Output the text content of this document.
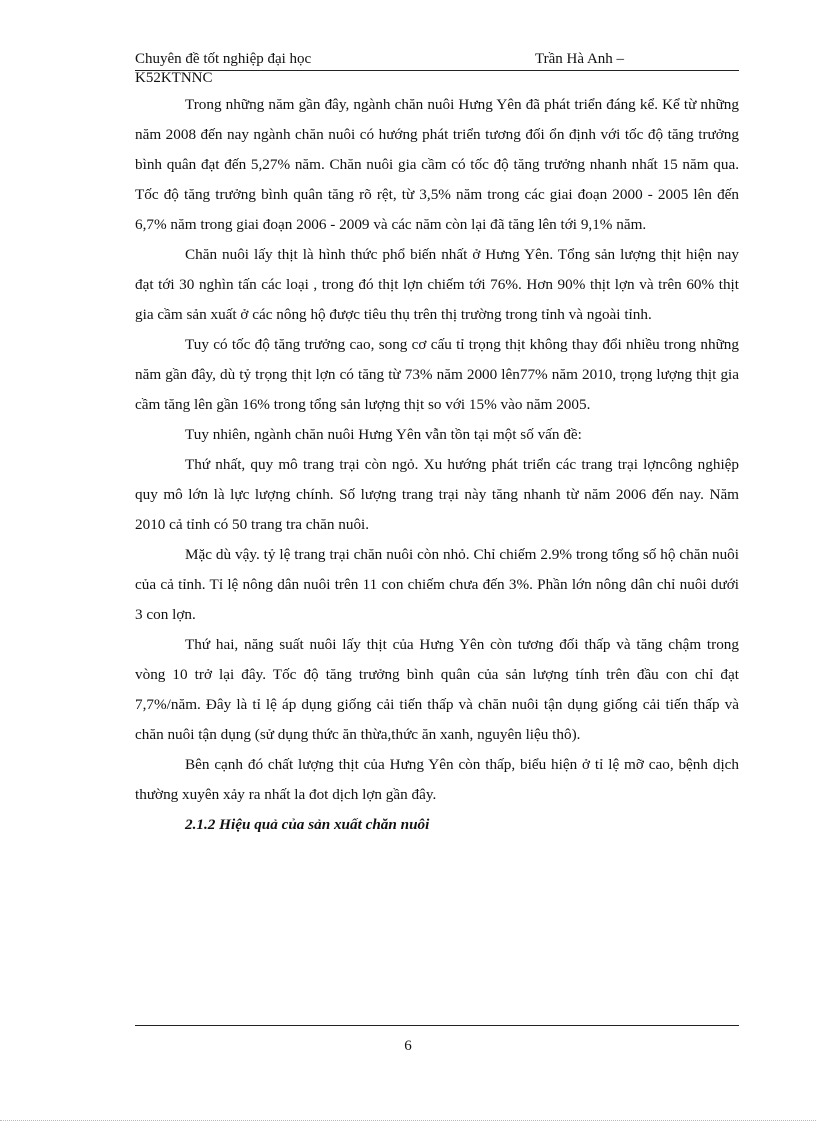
Chuyên đề tốt nghiệp đại học	Trần Hà Anh –
K52KTNNC

Trong những năm gần đây, ngành chăn nuôi Hưng Yên đã phát triển đáng kể. Kể từ những năm 2008 đến nay ngành chăn nuôi có hướng phát triển tương đối ổn định với tốc độ tăng trưởng bình quân đạt đến 5,27% năm. Chăn nuôi gia cầm có tốc độ tăng trưởng nhanh nhất 15 năm qua. Tốc độ tăng trưởng bình quân tăng rõ rệt, từ 3,5% năm trong các giai đoạn 2000 - 2005 lên đến 6,7% năm trong giai đoạn 2006 - 2009 và các năm còn lại đã tăng lên tới 9,1% năm.

Chăn nuôi lấy thịt là hình thức phổ biến nhất ở Hưng Yên. Tổng sản lượng thịt hiện nay đạt tới 30 nghìn tấn các loại , trong đó thịt lợn chiếm tới 76%. Hơn 90% thịt lợn và trên 60% thịt gia cầm sản xuất ở các nông hộ được tiêu thụ trên thị trường trong tỉnh và ngoài tỉnh.

Tuy có tốc độ tăng trưởng cao, song cơ cấu tỉ trọng thịt không thay đổi nhiều trong những năm gần đây, dù tỷ trọng thịt lợn có tăng từ 73% năm 2000 lên77% năm 2010, trọng lượng thịt gia cầm tăng lên gần 16% trong tổng sản lượng thịt so với 15% vào năm 2005.

Tuy nhiên, ngành chăn nuôi Hưng Yên vẫn tồn tại một số vấn đề:

Thứ nhất, quy mô trang trại còn ngỏ. Xu hướng phát triển các trang trại lợncông nghiệp quy mô lớn là lực lượng chính. Số lượng trang trại này tăng nhanh từ năm 2006 đến nay. Năm 2010 cả tỉnh có 50 trang tra chăn nuôi.

Mặc dù vậy. tỷ lệ trang trại chăn nuôi còn nhỏ. Chỉ chiếm 2.9% trong tổng số hộ chăn nuôi của cả tỉnh. Tỉ lệ nông dân nuôi trên 11 con chiếm chưa đến 3%. Phần lớn nông dân chỉ nuôi dưới 3 con lợn.

Thứ hai, năng suất nuôi lấy thịt của Hưng Yên còn tương đối thấp và tăng chậm trong vòng 10 trở lại đây. Tốc độ tăng trưởng bình quân của sản lượng tính trên đầu con chỉ đạt 7,7%/năm. Đây là tỉ lệ áp dụng giống cải tiến thấp và chăn nuôi tận dụng giống cải tiến thấp và chăn nuôi tận dụng (sử dụng thức ăn thừa,thức ăn xanh, nguyên liệu thô).

Bên cạnh đó chất lượng thịt của Hưng Yên còn thấp, biểu hiện ở tỉ lệ mỡ cao, bệnh dịch thường xuyên xảy ra nhất la đot dịch lợn gần đây.

2.1.2 Hiệu quả của sản xuất chăn nuôi

6
